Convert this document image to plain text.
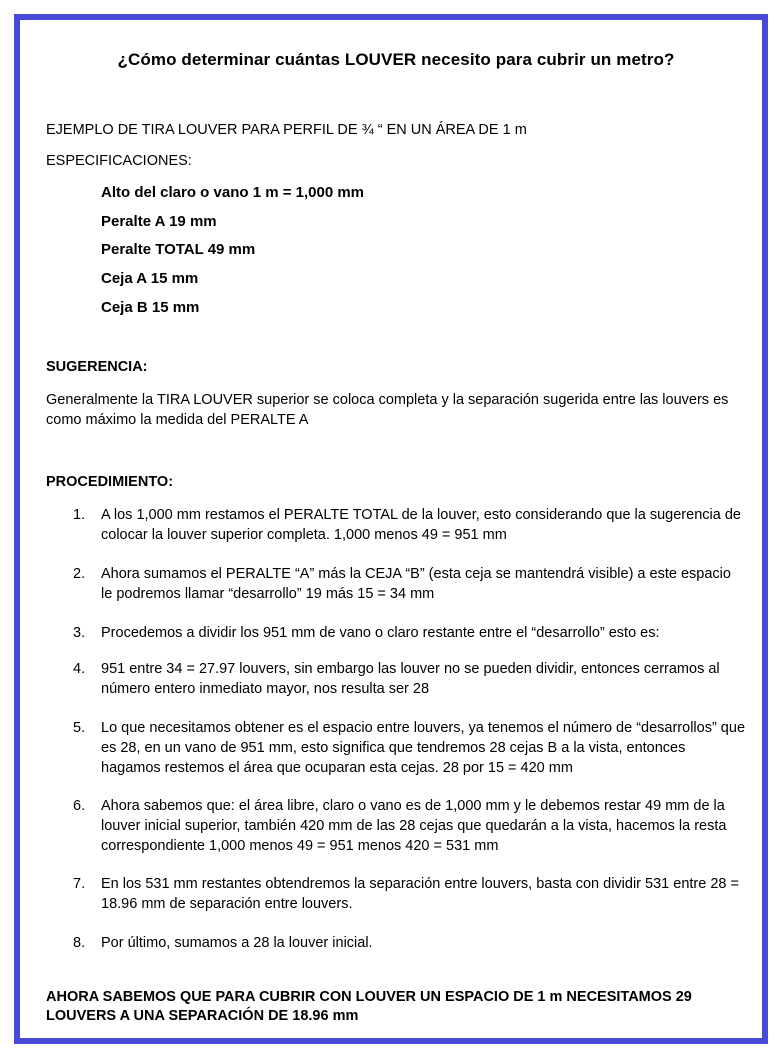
¿Cómo determinar cuántas LOUVER necesito para cubrir un metro?
EJEMPLO DE TIRA LOUVER PARA PERFIL DE ¾ “ EN UN ÁREA DE 1 m
ESPECIFICACIONES:
Alto del claro o vano 1 m = 1,000 mm
Peralte A 19 mm
Peralte TOTAL 49 mm
Ceja A 15 mm
Ceja B 15 mm
SUGERENCIA:
Generalmente la TIRA LOUVER superior se coloca completa y la separación sugerida entre las louvers es como máximo la medida del PERALTE A
PROCEDIMIENTO:
1. A los 1,000 mm restamos el PERALTE TOTAL de la louver, esto considerando que la sugerencia de colocar la louver superior completa. 1,000 menos 49 = 951 mm
2. Ahora sumamos el PERALTE “A” más la CEJA “B” (esta ceja se mantendrá visible) a este espacio le podremos llamar “desarrollo” 19 más 15 = 34 mm
3. Procedemos a dividir los 951 mm de vano o claro restante entre el “desarrollo” esto es:
4. 951 entre 34 = 27.97 louvers, sin embargo las louver no se pueden dividir, entonces cerramos al número entero inmediato mayor, nos resulta ser 28
5. Lo que necesitamos obtener es el espacio entre louvers, ya tenemos el número de “desarrollos” que es 28, en un vano de 951 mm, esto significa que tendremos 28 cejas B a la vista, entonces hagamos restemos el área que ocuparan esta cejas. 28 por 15 = 420 mm
6. Ahora sabemos que: el área libre, claro o vano es de 1,000 mm y le debemos restar 49 mm de la louver inicial superior, también 420 mm de las 28 cejas que quedarán a la vista, hacemos la resta correspondiente 1,000 menos 49 = 951 menos 420 = 531 mm
7. En los 531 mm restantes obtendremos la separación entre louvers, basta con dividir 531 entre 28 = 18.96 mm de separación entre louvers.
8. Por último, sumamos a 28 la louver inicial.
AHORA SABEMOS QUE PARA CUBRIR CON LOUVER UN ESPACIO DE 1 m NECESITAMOS 29 LOUVERS A UNA SEPARACIÓN DE 18.96 mm
